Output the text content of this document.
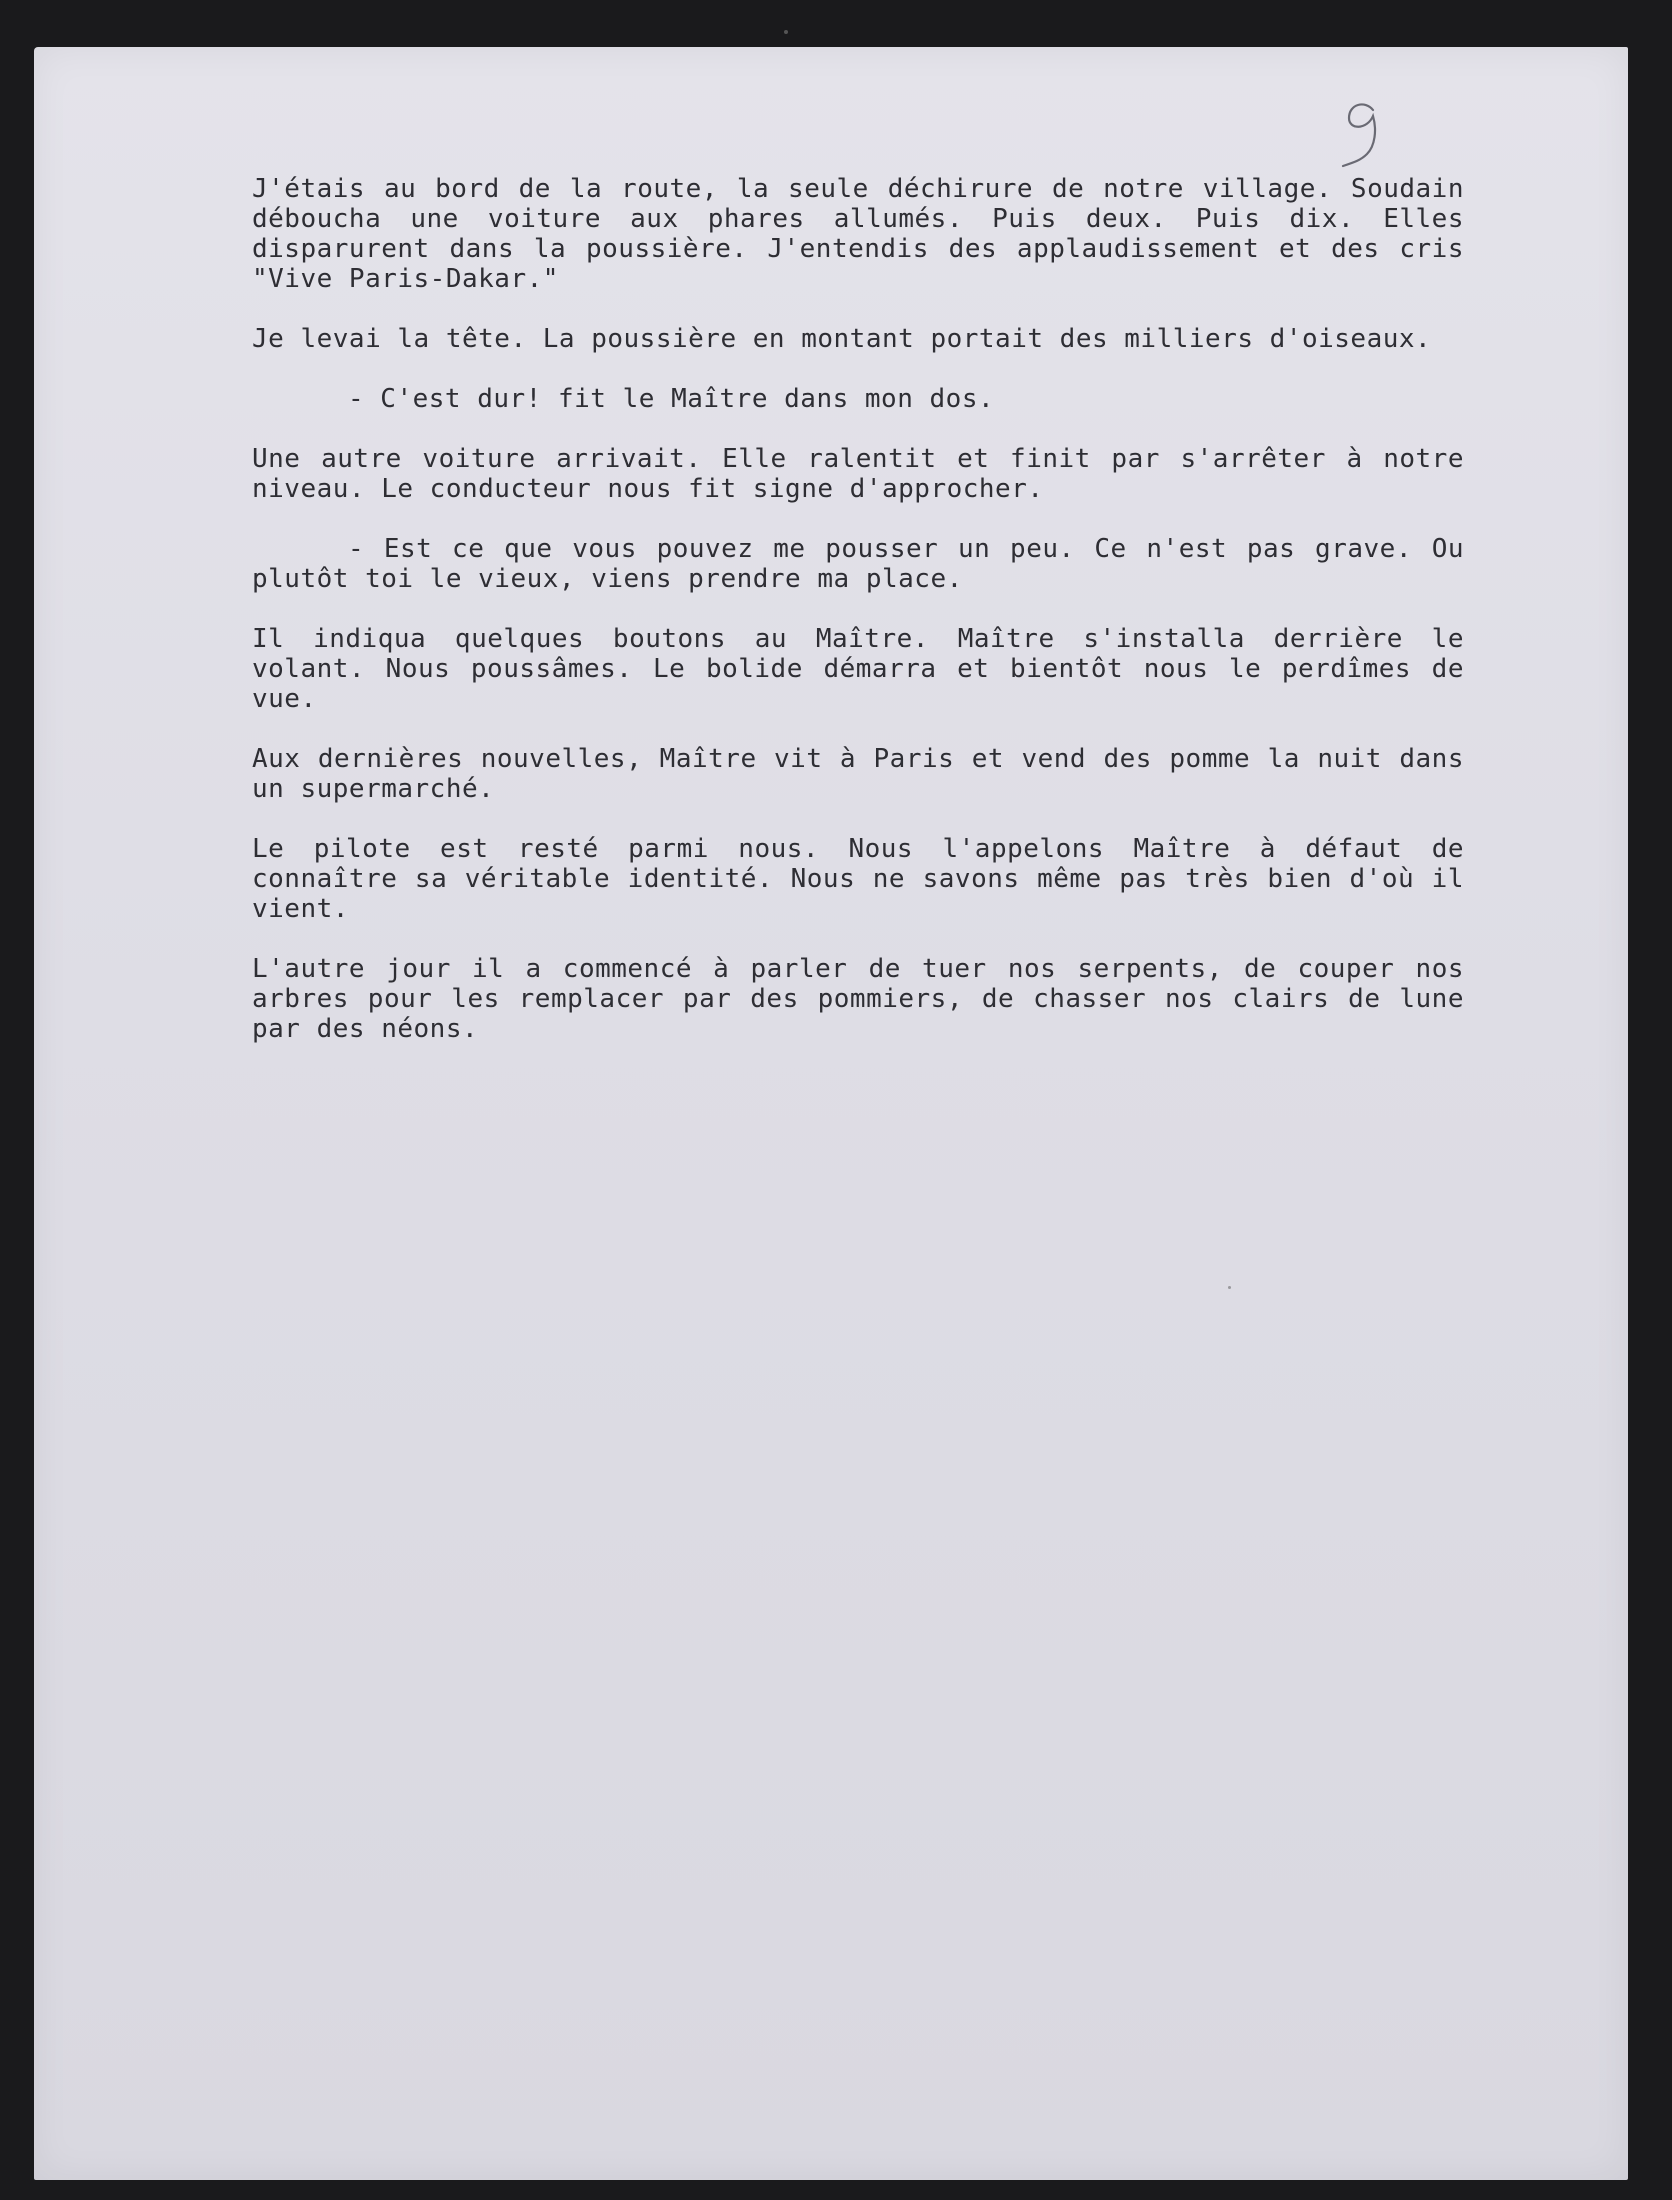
J'étais au bord de la route, la seule déchirure de notre village. Soudain déboucha une voiture aux phares allumés. Puis deux. Puis dix. Elles disparurent dans la poussière. J'entendis des applaudissement et des cris "Vive Paris-Dakar."

Je levai la tête. La poussière en montant portait des milliers d'oiseaux.

- C'est dur! fit le Maître dans mon dos.

Une autre voiture arrivait. Elle ralentit et finit par s'arrêter à notre niveau. Le conducteur nous fit signe d'approcher.

- Est ce que vous pouvez me pousser un peu. Ce n'est pas grave. Ou plutôt toi le vieux, viens prendre ma place.

Il indiqua quelques boutons au Maître. Maître s'installa derrière le volant. Nous poussâmes. Le bolide démarra et bientôt nous le perdîmes de vue.

Aux dernières nouvelles, Maître vit à Paris et vend des pomme la nuit dans un supermarché.

Le pilote est resté parmi nous. Nous l'appelons Maître à défaut de connaître sa véritable identité. Nous ne savons même pas très bien d'où il vient.

L'autre jour il a commencé à parler de tuer nos serpents, de couper nos arbres pour les remplacer par des pommiers, de chasser nos clairs de lune par des néons.
